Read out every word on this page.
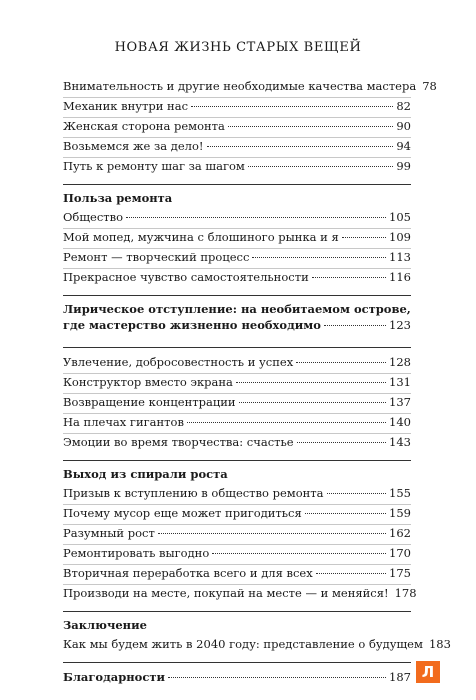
НОВАЯ ЖИЗНЬ СТАРЫХ ВЕЩЕЙ
Внимательность и другие необходимые качества мастера 78
Механик внутри нас	82
Женская сторона ремонта	90
Возьмемся же за дело!	94
Путь к ремонту шаг за шагом	99
Польза ремонта
Общество	105
Мой мопед, мужчина с блошиного рынка и я	109
Ремонт — творческий процесс	113
Прекрасное чувство самостоятельности	116
Лирическое отступление: на необитаемом острове,
где мастерство жизненно необходимо	123
Увлечение, добросовестность и успех	128
Конструктор вместо экрана	131
Возвращение концентрации	137
На плечах гигантов	140
Эмоции во время творчества: счастье	143
Выход из спирали роста
Призыв к вступлению в общество ремонта	155
Почему мусор еще может пригодиться	159
Разумный рост	162
Ремонтировать выгодно	170
Вторичная переработка всего и для всех	175
Производи на месте, покупай на месте — и меняйся! 178
Заключение
Как мы будем жить в 2040 году: представление о будущем 183
Благодарности	187 Л
